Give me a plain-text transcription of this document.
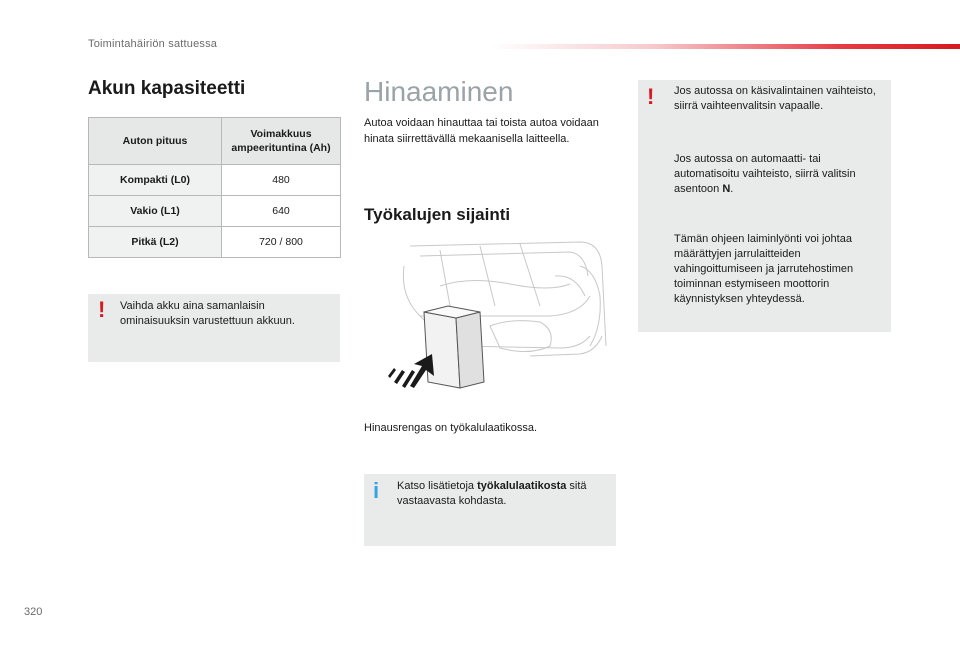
Toimintahäiriön sattuessa
Akun kapasiteetti
Auton pituus	Voimakkuus ampeerituntina (Ah)
Kompakti (L0)	480
Vakio (L1)	640
Pitkä (L2)	720 / 800
! Vaihda akku aina samanlaisin ominaisuuksin varustettuun akkuun.
Hinaaminen
Autoa voidaan hinauttaa tai toista autoa voidaan hinata siirrettävällä mekaanisella laitteella.
Työkalujen sijainti
Hinausrengas on työkalulaatikossa.
i Katso lisätietoja työkalulaatikosta sitä vastaavasta kohdasta.
! Jos autossa on käsivalintainen vaihteisto, siirrä vaihteenvalitsin vapaalle.
Jos autossa on automaatti- tai automatisoitu vaihteisto, siirrä valitsin asentoon N.
Tämän ohjeen laiminlyönti voi johtaa määrättyjen jarrulaitteiden vahingoittumiseen ja jarrutehostimen toiminnan estymiseen moottorin käynnistyksen yhteydessä.
320
